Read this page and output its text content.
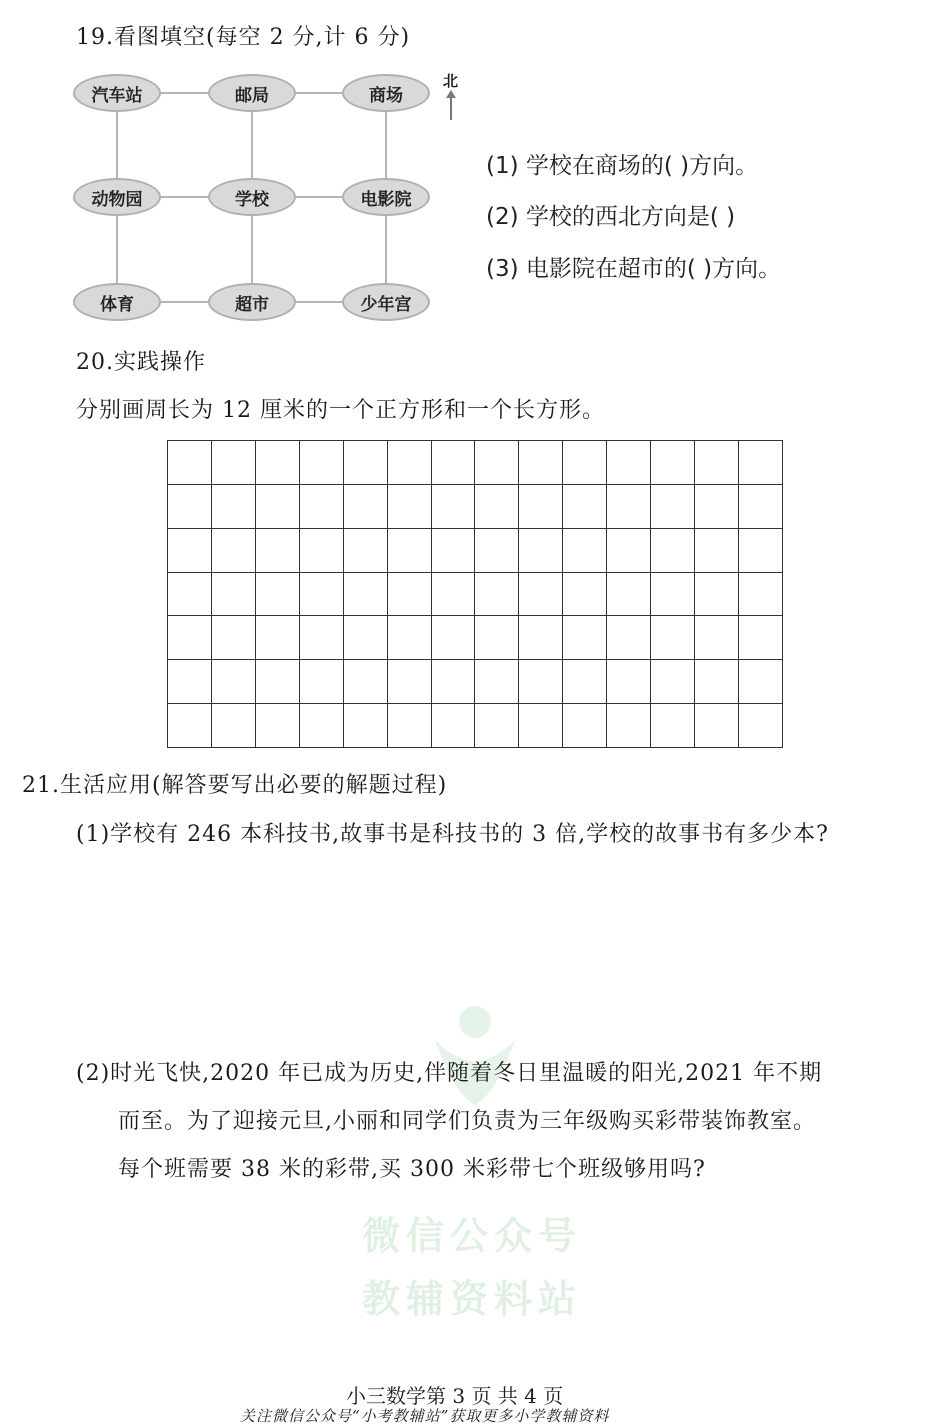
微信公众号
教辅资料站
19.看图填空(每空 2 分,计 6 分)
汽车站	邮局	商场
动物园	学校	电影院
体育	超市	少年宫
北
(1) 学校在商场的( )方向。
(2) 学校的西北方向是( )
(3) 电影院在超市的( )方向。
20.实践操作
分别画周长为 12 厘米的一个正方形和一个长方形。
21.生活应用(解答要写出必要的解题过程)
(1)学校有 246 本科技书,故事书是科技书的 3 倍,学校的故事书有多少本?
(2)时光飞快,2020 年已成为历史,伴随着冬日里温暖的阳光,2021 年不期
而至。为了迎接元旦,小丽和同学们负责为三年级购买彩带装饰教室。
每个班需要 38 米的彩带,买 300 米彩带七个班级够用吗?
小三数学第 3 页 共 4 页
关注微信公众号“小考教辅站”获取更多小学教辅资料
